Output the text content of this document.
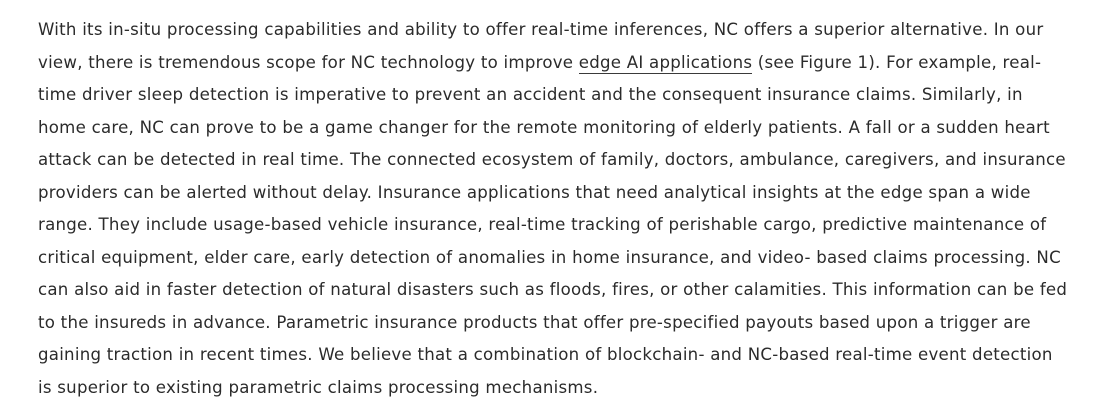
With its in-situ processing capabilities and ability to offer real-time inferences, NC offers a superior alternative. In our view, there is tremendous scope for NC technology to improve edge AI applications (see Figure 1). For example, real-time driver sleep detection is imperative to prevent an accident and the consequent insurance claims. Similarly, in home care, NC can prove to be a game changer for the remote monitoring of elderly patients. A fall or a sudden heart attack can be detected in real time. The connected ecosystem of family, doctors, ambulance, caregivers, and insurance providers can be alerted without delay. Insurance applications that need analytical insights at the edge span a wide range. They include usage-based vehicle insurance, real-time tracking of perishable cargo, predictive maintenance of critical equipment, elder care, early detection of anomalies in home insurance, and video- based claims processing. NC can also aid in faster detection of natural disasters such as floods, fires, or other calamities. This information can be fed to the insureds in advance. Parametric insurance products that offer pre-specified payouts based upon a trigger are gaining traction in recent times. We believe that a combination of blockchain- and NC-based real-time event detection is superior to existing parametric claims processing mechanisms.
